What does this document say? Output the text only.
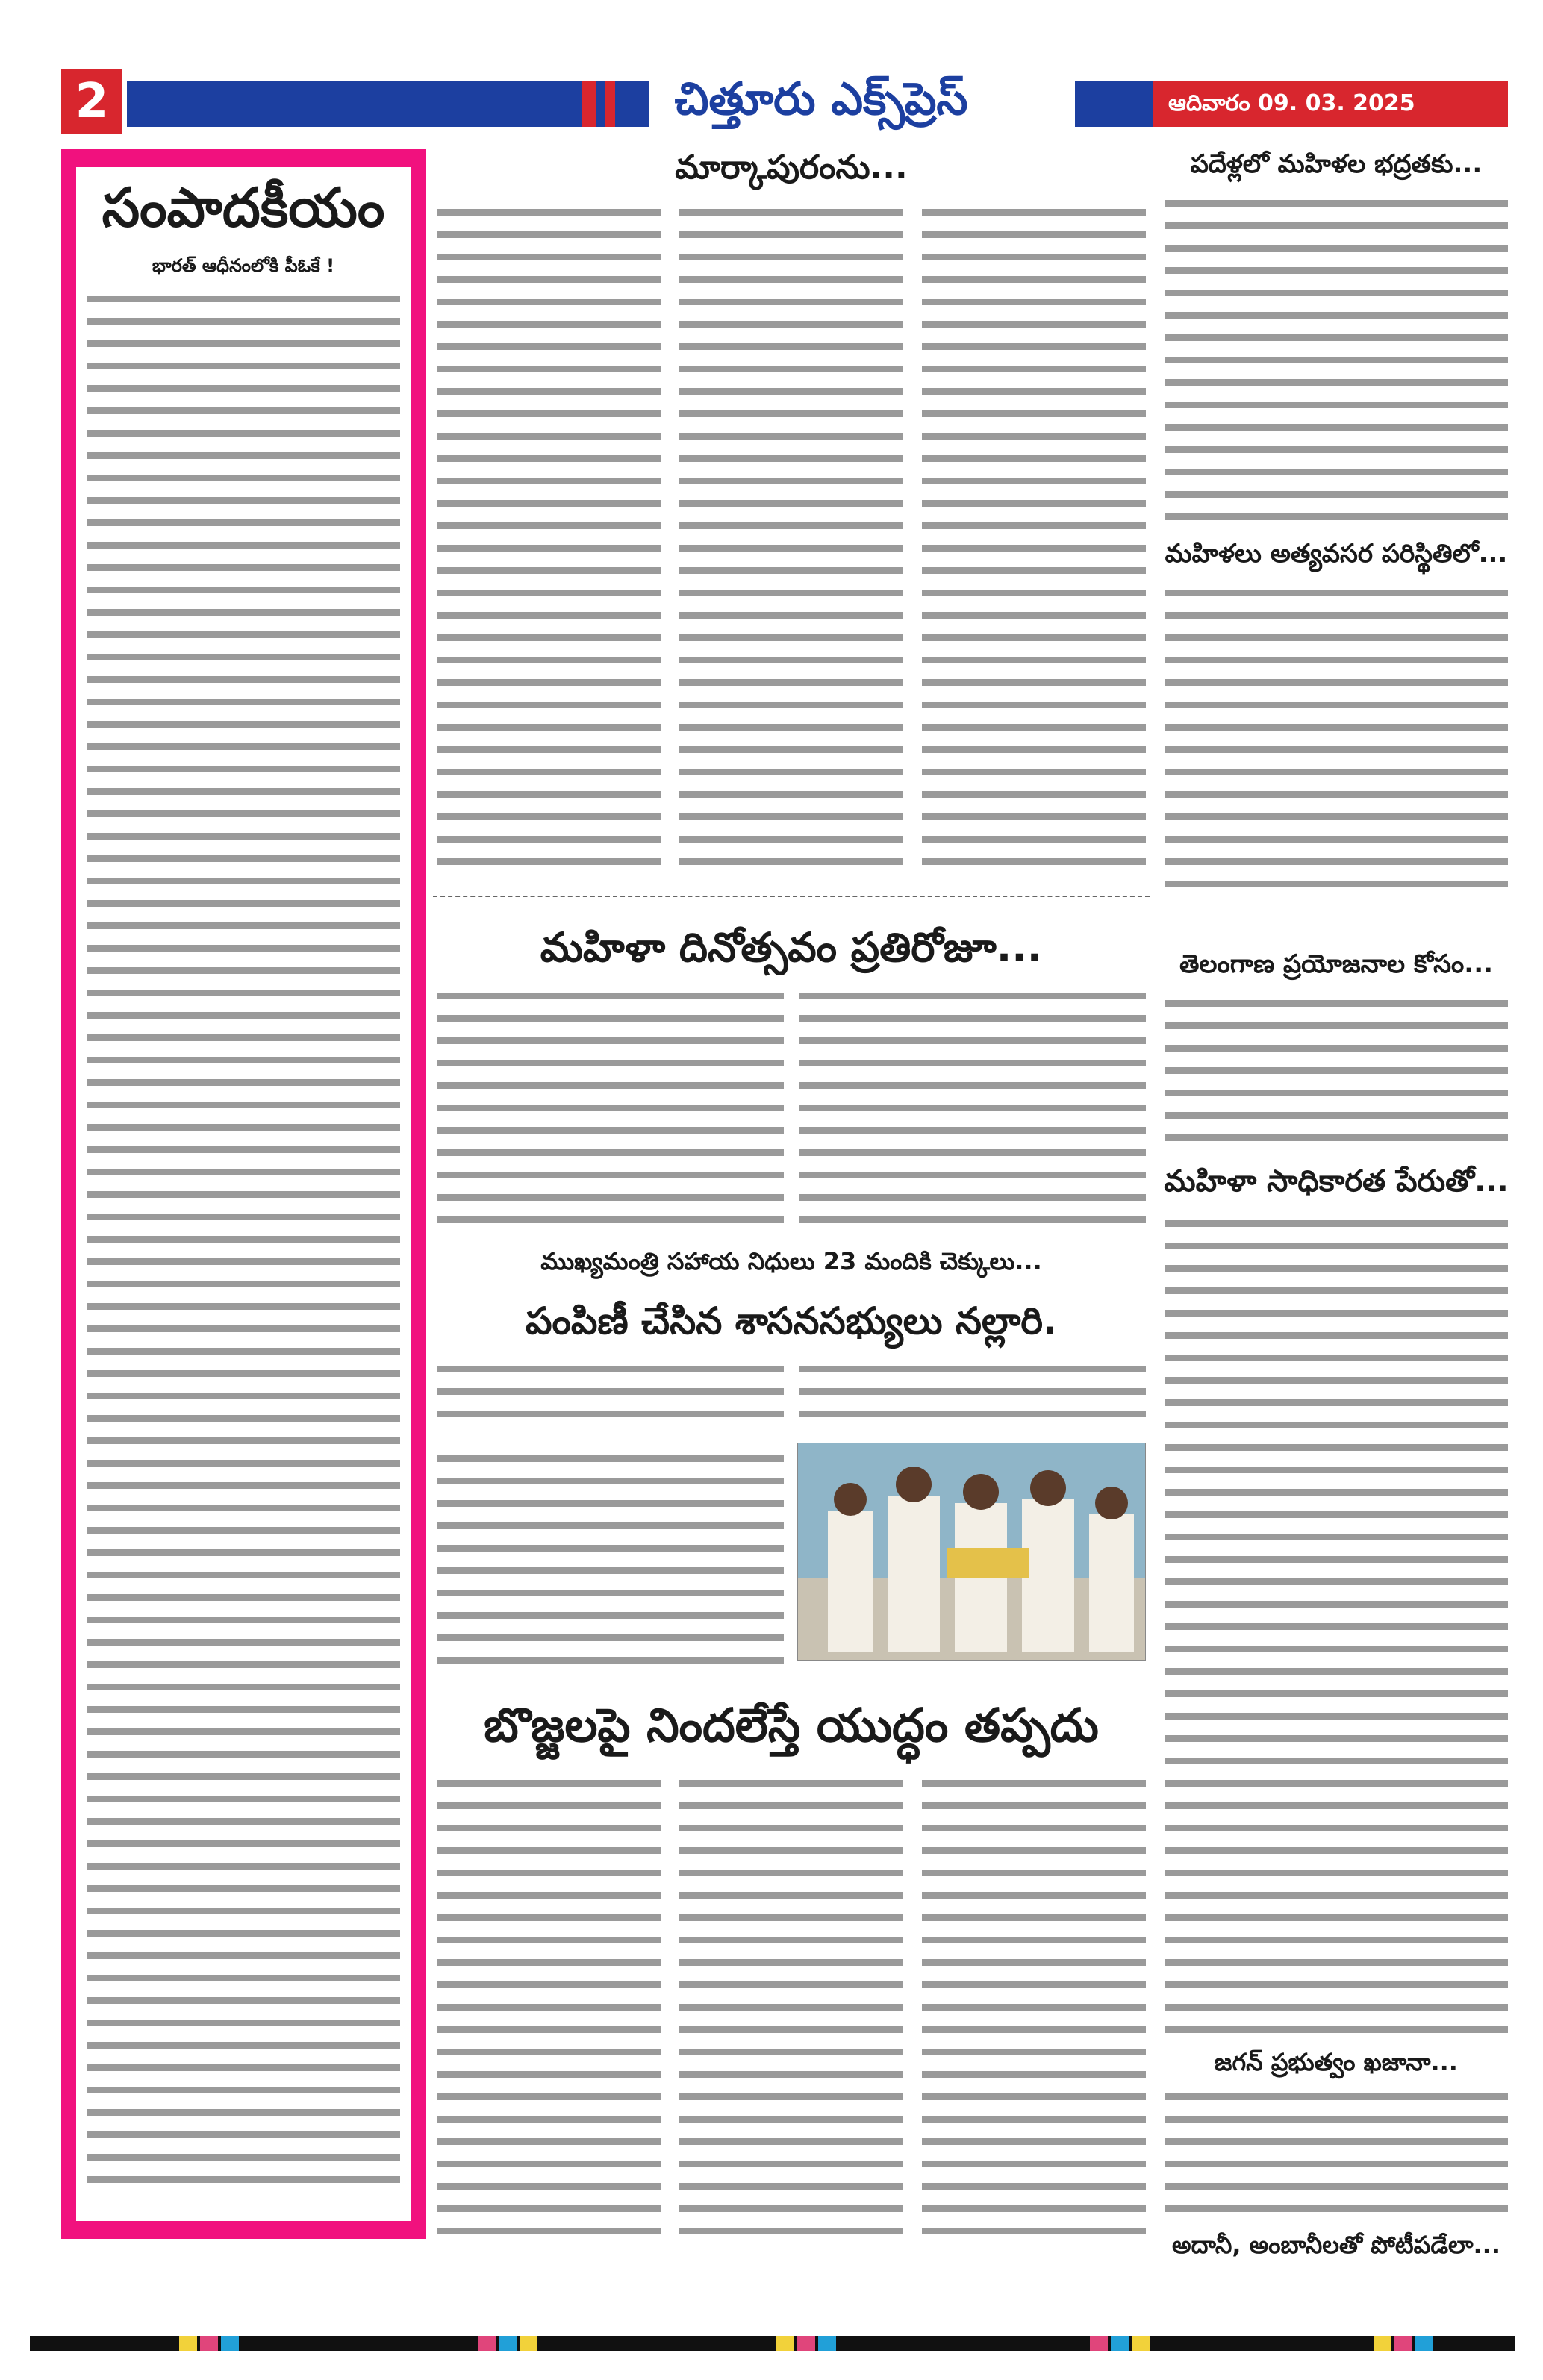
2	చిత్తూరు ఎక్స్‌ప్రెస్	ఆదివారం 09. 03. 2025
సంపాదకీయం
భారత్ ఆధీనంలోకి పీఓకే !
మార్కాపురంను...	పదేళ్లలో మహిళల భద్రతకు...
మహిళలు అత్యవసర పరిస్థితిలో...
మహిళా దినోత్సవం ప్రతిరోజూ...	తెలంగాణ ప్రయోజనాల కోసం...
మహిళా సాధికారత పేరుతో...
ముఖ్యమంత్రి సహాయ నిధులు 23 మందికి చెక్కులు...
పంపిణీ చేసిన శాసనసభ్యులు నల్లారి.
బొజ్జలపై నిందలేస్తే యుద్ధం తప్పదు
జగన్ ప్రభుత్వం ఖజానా...
అదానీ, అంబానీలతో పోటీపడేలా...
